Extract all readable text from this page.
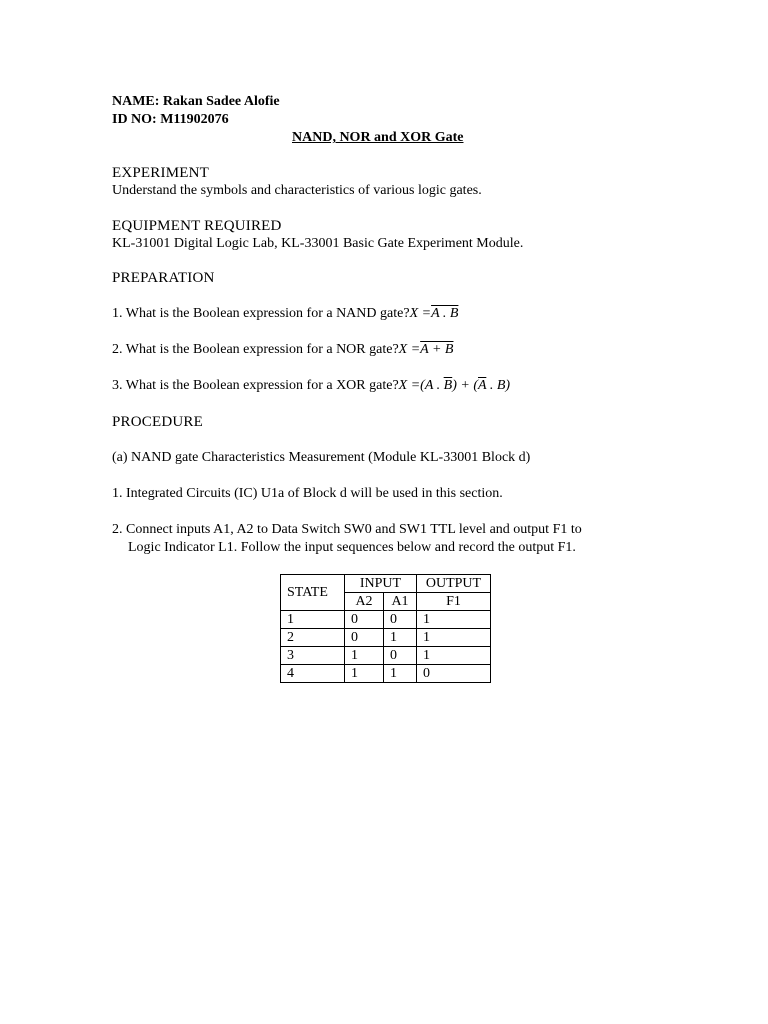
NAME: Rakan Sadee Alofie
ID NO: M11902076
NAND, NOR and XOR Gate
EXPERIMENT
Understand the symbols and characteristics of various logic gates.
EQUIPMENT REQUIRED
KL-31001 Digital Logic Lab, KL-33001 Basic Gate Experiment Module.
PREPARATION
1. What is the Boolean expression for a NAND gate?X =A . B
2. What is the Boolean expression for a NOR gate?X =A + B
3. What is the Boolean expression for a XOR gate?X =(A . $\overline{B}) + (\overline{A}$ . B)
PROCEDURE
(a) NAND gate Characteristics Measurement (Module KL-33001 Block d)
1. Integrated Circuits (IC) U1a of Block d will be used in this section.
2. Connect inputs A1, A2 to Data Switch SW0 and SW1 TTL level and output F1 to
Logic Indicator L1. Follow the input sequences below and record the output F1.
STATE	INPUT		OUTPUT
	A2	A1	F1
1	0	0	1
2	0	1	1
3	1	0	1
4	1	1	0
